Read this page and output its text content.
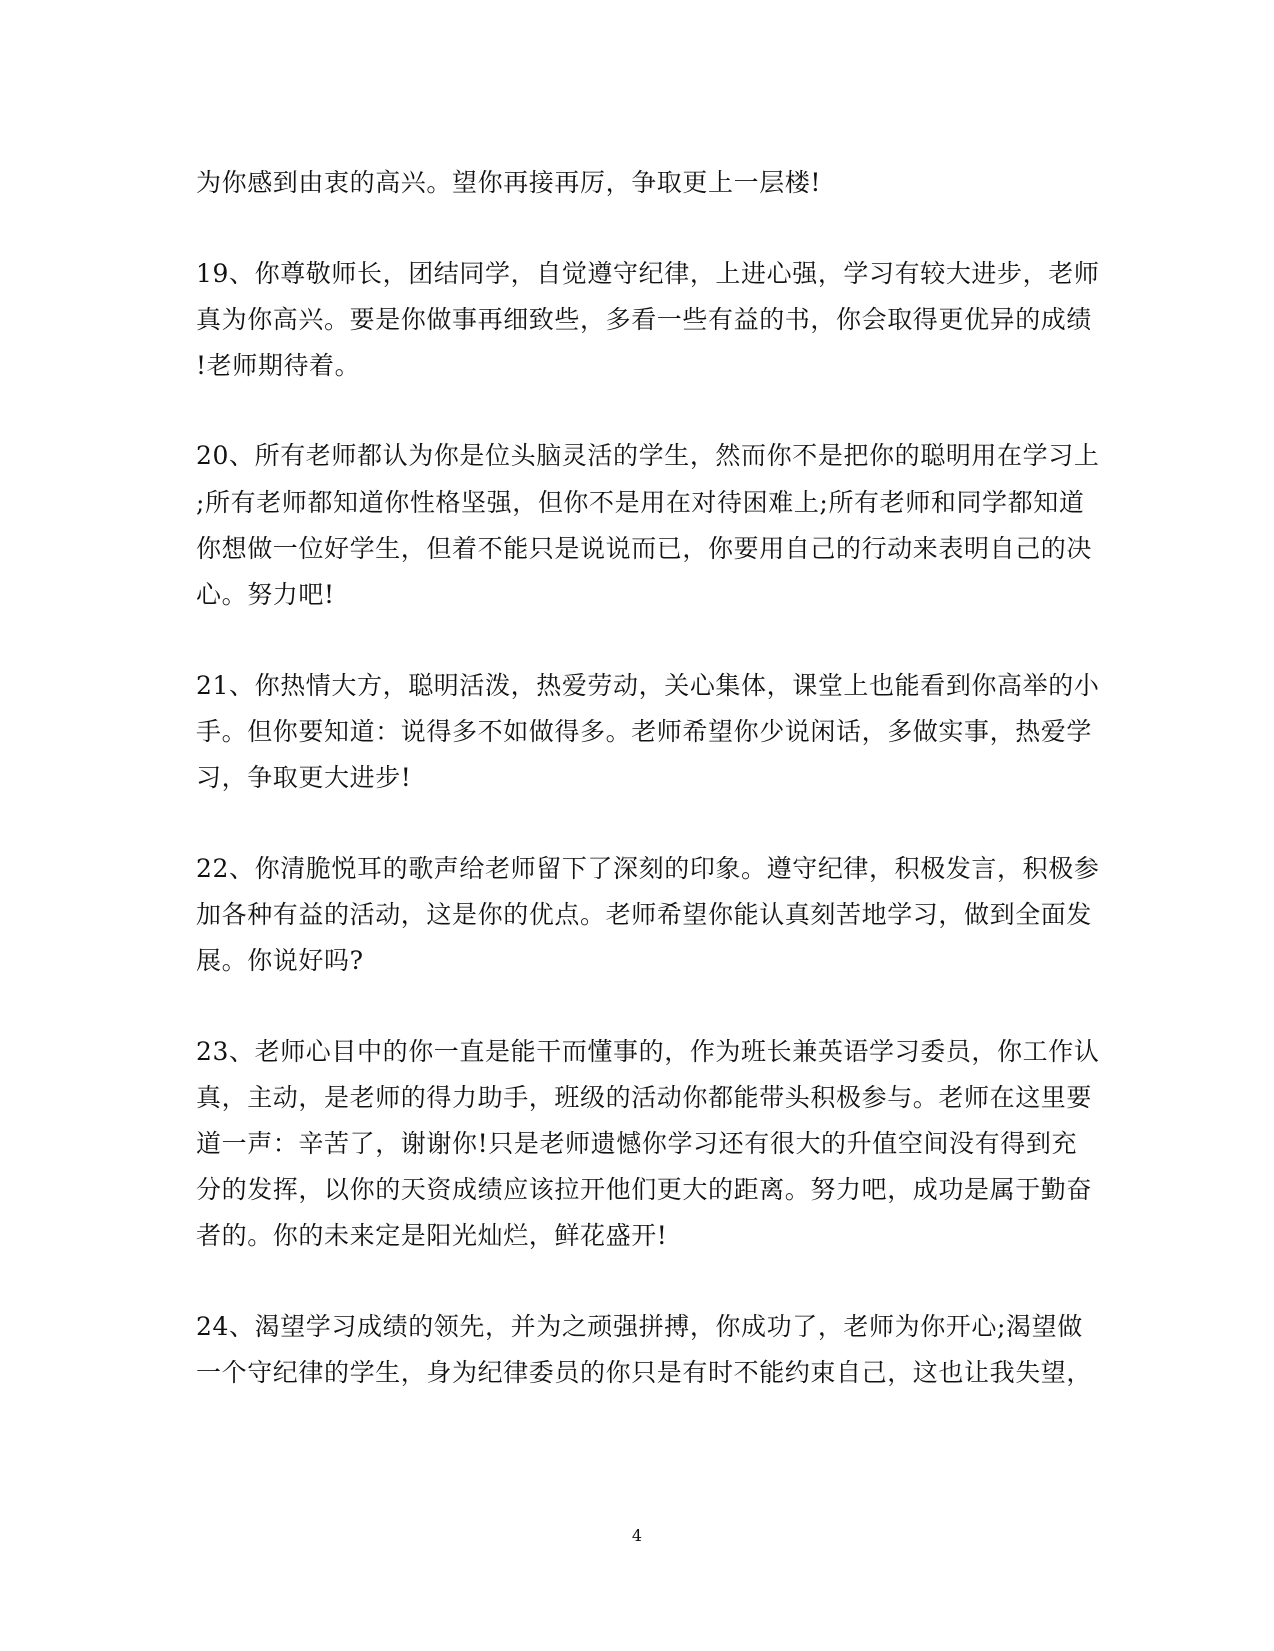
为你感到由衷的高兴。望你再接再厉，争取更上一层楼!
19、你尊敬师长，团结同学，自觉遵守纪律，上进心强，学习有较大进步，老师
真为你高兴。要是你做事再细致些，多看一些有益的书，你会取得更优异的成绩
!老师期待着。
20、所有老师都认为你是位头脑灵活的学生，然而你不是把你的聪明用在学习上
;所有老师都知道你性格坚强，但你不是用在对待困难上;所有老师和同学都知道
你想做一位好学生，但着不能只是说说而已，你要用自己的行动来表明自己的决
心。努力吧!
21、你热情大方，聪明活泼，热爱劳动，关心集体，课堂上也能看到你高举的小
手。但你要知道：说得多不如做得多。老师希望你少说闲话，多做实事，热爱学
习，争取更大进步!
22、你清脆悦耳的歌声给老师留下了深刻的印象。遵守纪律，积极发言，积极参
加各种有益的活动，这是你的优点。老师希望你能认真刻苦地学习，做到全面发
展。你说好吗?
23、老师心目中的你一直是能干而懂事的，作为班长兼英语学习委员，你工作认
真，主动，是老师的得力助手，班级的活动你都能带头积极参与。老师在这里要
道一声：辛苦了，谢谢你!只是老师遗憾你学习还有很大的升值空间没有得到充
分的发挥，以你的天资成绩应该拉开他们更大的距离。努力吧，成功是属于勤奋
者的。你的未来定是阳光灿烂，鲜花盛开!
24、渴望学习成绩的领先，并为之顽强拼搏，你成功了，老师为你开心;渴望做
一个守纪律的学生，身为纪律委员的你只是有时不能约束自己，这也让我失望，
4
